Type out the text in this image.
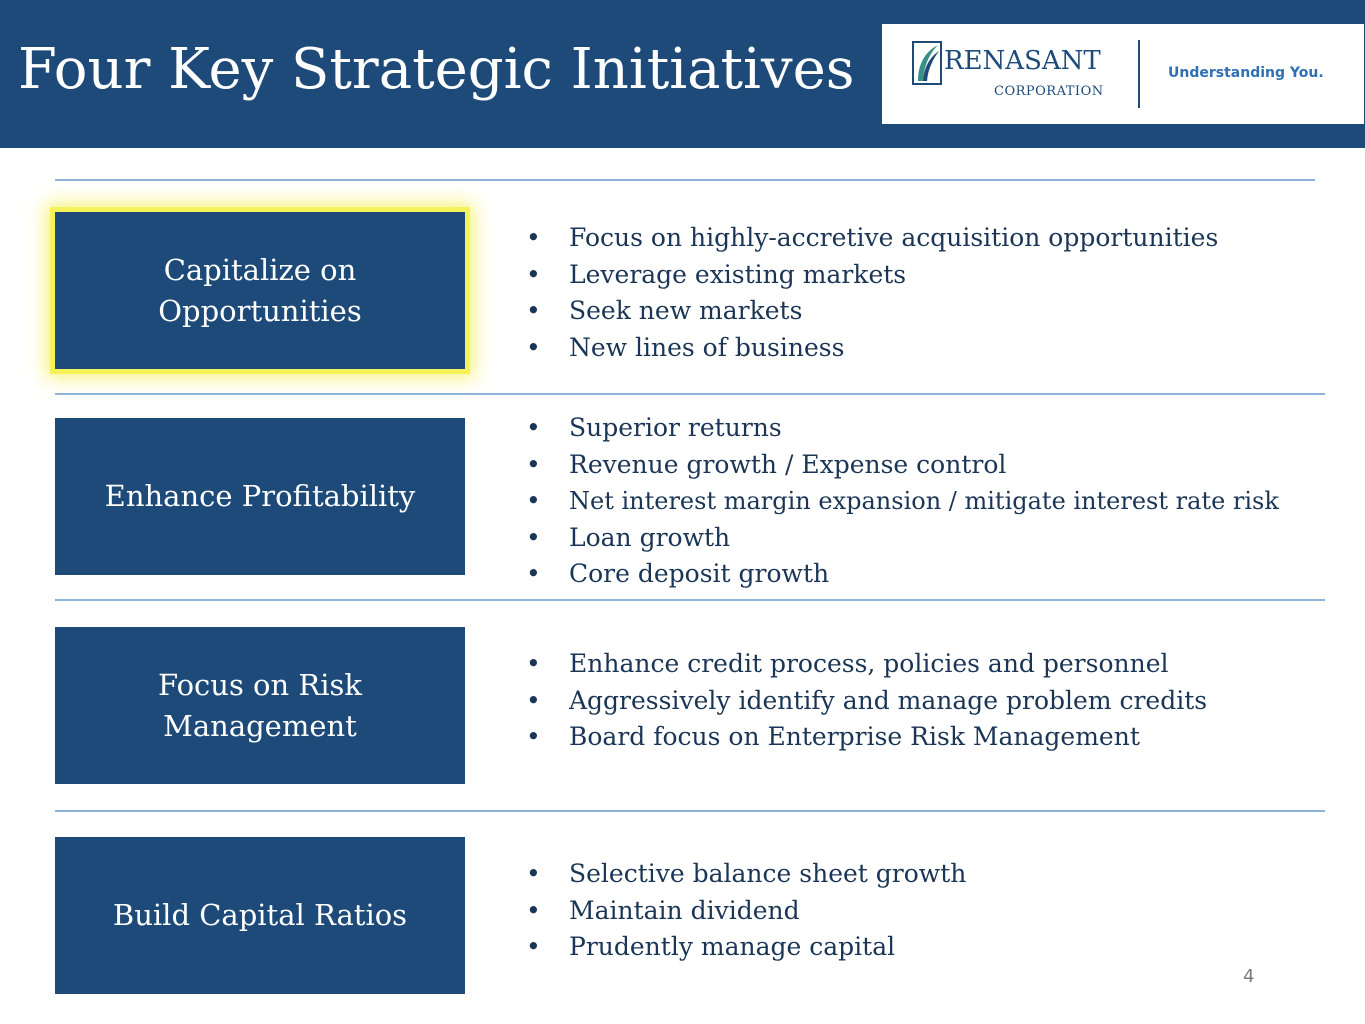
Four Key Strategic Initiatives	RENASANT
CORPORATION
Understanding You.
Capitalize on Opportunities
• Focus on highly-accretive acquisition opportunities
• Leverage existing markets
• Seek new markets
• New lines of business
Enhance Profitability
• Superior returns
• Revenue growth / Expense control
• Net interest margin expansion / mitigate interest rate risk
• Loan growth
• Core deposit growth
Focus on Risk Management
• Enhance credit process, policies and personnel
• Aggressively identify and manage problem credits
• Board focus on Enterprise Risk Management
Build Capital Ratios
• Selective balance sheet growth
• Maintain dividend
• Prudently manage capital
4
